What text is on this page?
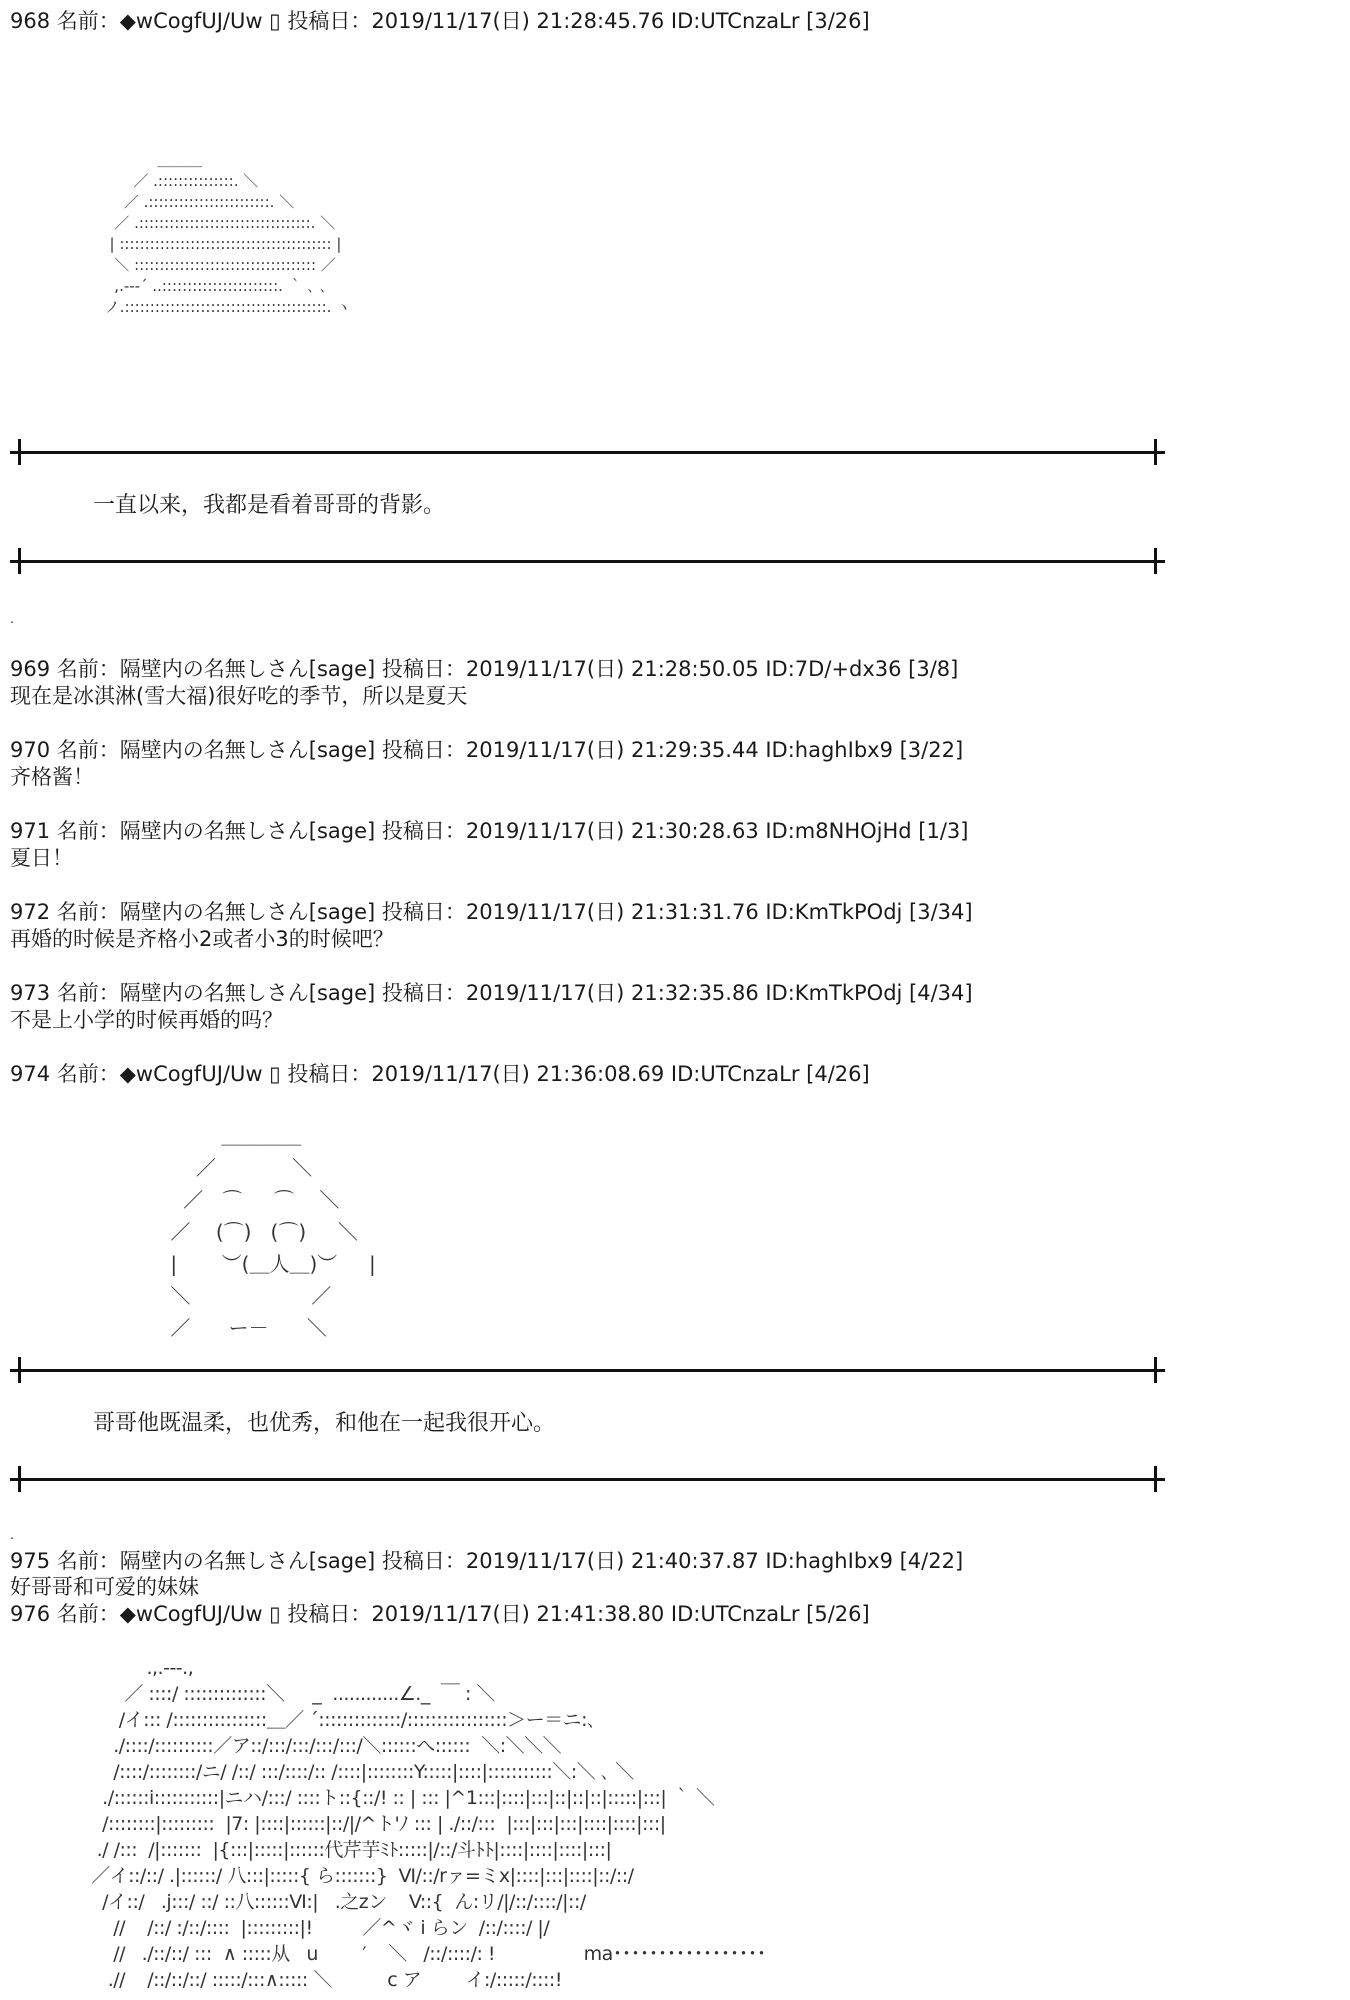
968 名前：◆wCogfUJ/Uw ▯ 投稿日：2019/11/17(日) 21:28:45.76 ID:UTCnzaLr [3/26]
＿＿＿
／ .:::::::::::::::. ＼
／ .::::::::::::::::::::::::. ＼
／ .::::::::::::::::::::::::::::::::::. ＼
| :::::::::::::::::::::::::::::::::::::::::: |
＼ :::::::::::::::::::::::::::::::::::: ／
,.--‐´ ..:::::::::::::::::::::::. ｀ ､ ､
ノ.::::::::::::::::::::::::::::::::::::::::. ヽ
一直以来，我都是看着哥哥的背影。
.
969 名前：隔壁内の名無しさん[sage] 投稿日：2019/11/17(日) 21:28:50.05 ID:7D/+dx36 [3/8]
现在是冰淇淋(雪大福)很好吃的季节，所以是夏天
970 名前：隔壁内の名無しさん[sage] 投稿日：2019/11/17(日) 21:29:35.44 ID:haghIbx9 [3/22]
齐格酱！
971 名前：隔壁内の名無しさん[sage] 投稿日：2019/11/17(日) 21:30:28.63 ID:m8NHOjHd [1/3]
夏日！
972 名前：隔壁内の名無しさん[sage] 投稿日：2019/11/17(日) 21:31:31.76 ID:KmTkPOdj [3/34]
再婚的时候是齐格小2或者小3的时候吧？
973 名前：隔壁内の名無しさん[sage] 投稿日：2019/11/17(日) 21:32:35.86 ID:KmTkPOdj [4/34]
不是上小学的时候再婚的吗？
974 名前：◆wCogfUJ/Uw ▯ 投稿日：2019/11/17(日) 21:36:08.69 ID:UTCnzaLr [4/26]
＿＿＿＿
／            ＼
／   ⌒     ⌒    ＼
／    (⌒)   (⌒)     ＼
|       ︶(＿人＿)︶     |
＼                   ／
／      ー－      ＼
哥哥他既温柔，也优秀，和他在一起我很开心。
.
975 名前：隔壁内の名無しさん[sage] 投稿日：2019/11/17(日) 21:40:37.87 ID:haghIbx9 [4/22]
好哥哥和可爱的妹妹
976 名前：◆wCogfUJ/Uw ▯ 投稿日：2019/11/17(日) 21:41:38.80 ID:UTCnzaLr [5/26]
.,.‐‐‐.,
／ ::::/ ::::::::::::::＼     _  ............∠._  ￣ : ＼
/イ::: /::::::::::::::::＿／ ´::::::::::::::/:::::::::::::::::＞ー＝ニ:､
./::::/::::::::::／ア::/:::/:::/:::/:::/＼::::::へ::::::  ＼:＼＼＼
/::::/::::::::/ニ/ /::/ :::/::::/:: /::::|::::::::Y:::::|::::|:::::::::::＼:＼ ､ ＼
./::::::i:::::::::::|ニハ/:::/ ::::ト::{::/! :: | ::: |^1:::|::::|:::|::|::|::|:::::|:::| ｀ ＼
/::::::::|:::::::::  |7: |::::|::::::|::/|/^ト'ﾉ ::: | ./::/:::  |:::|:::|:::|::::|::::|:::|
./ /:::  /|:::::::  |{:::|:::::|::::::代芹芋ﾐﾄ:::::|/::/斗ﾄﾄ|::::|::::|::::|:::|
／イ::/::/ .|::::::/ 八:::|:::::{ ら:::::::}  Ⅵ/::/rァ=ミⅹ|::::|:::|::::|::/::/
/イ::/   .j:::/ ::/ ::八::::::Ⅵ:|   .之zン    V::{  ん:リ/|/::/::::/|::/
//    /::/ :/::/::::  |:::::::::|!         ／^ヾ i らン  /::/::::/ |/
//   ./::/::/ :::  ∧ :::::从   u        ′    ＼   /::/::::/: !                ma･････････････････
.//    /::/::/::/ :::::/:::∧::::: ＼          c ア        イ:/:::::/::::!
